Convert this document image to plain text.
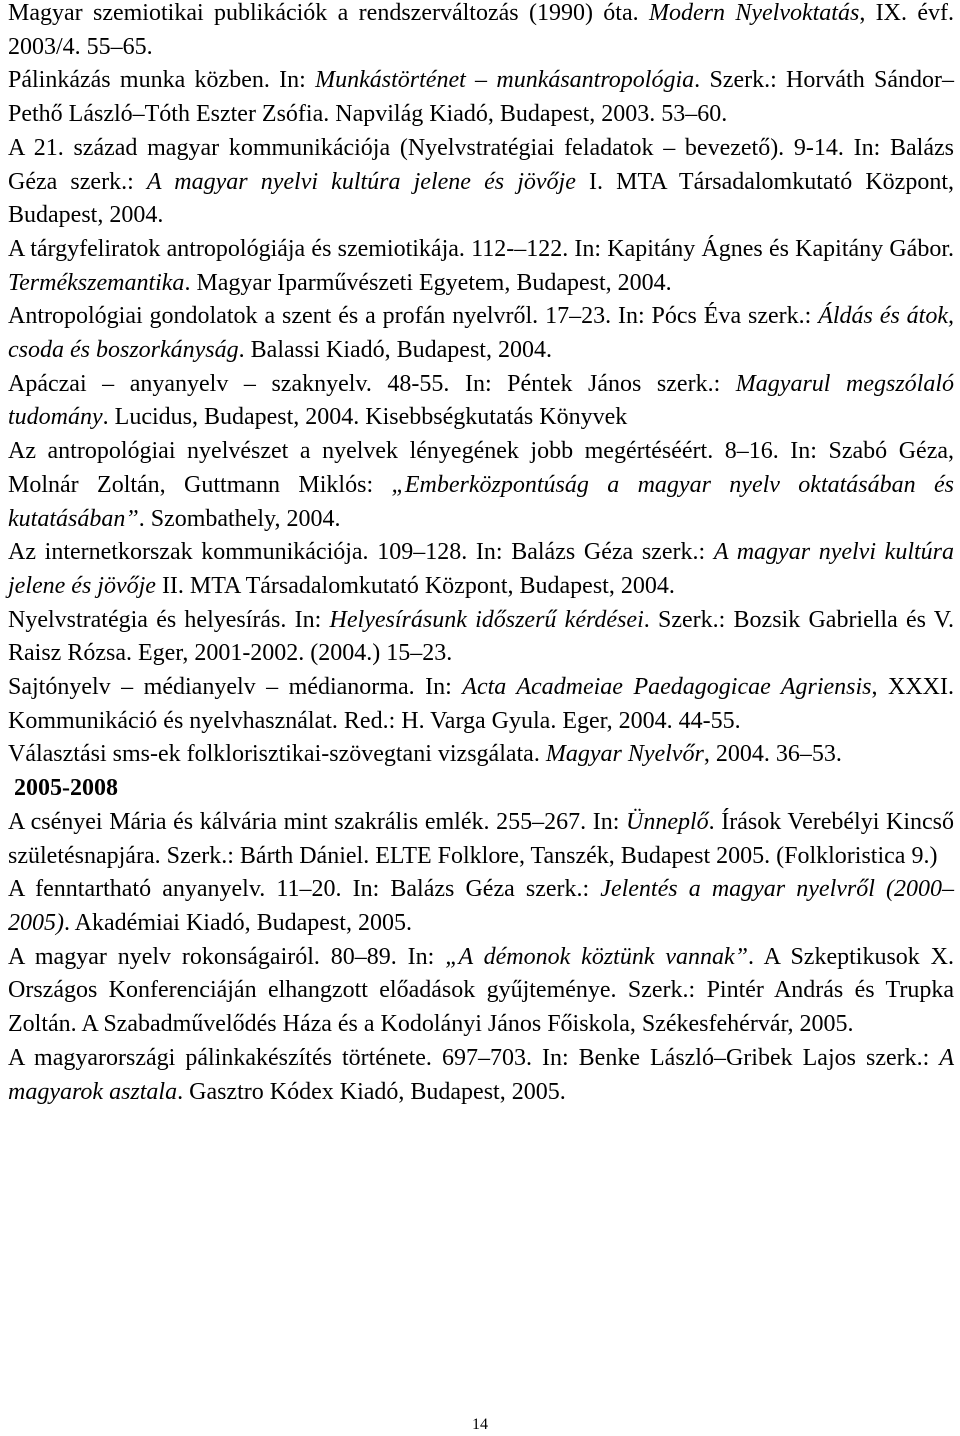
Magyar szemiotikai publikációk a rendszerváltozás (1990) óta. Modern Nyelvoktatás, IX. évf. 2003/4. 55–65.

Pálinkázás munka közben. In: Munkástörténet – munkásantropológia. Szerk.: Horváth Sándor–Pethő László–Tóth Eszter Zsófia. Napvilág Kiadó, Budapest, 2003. 53–60.

A 21. század magyar kommunikációja (Nyelvstratégiai feladatok – bevezető). 9-14. In: Balázs Géza szerk.: A magyar nyelvi kultúra jelene és jövője I. MTA Társadalomkutató Központ, Budapest, 2004.

A tárgyfeliratok antropológiája és szemiotikája. 112-–122. In: Kapitány Ágnes és Kapitány Gábor. Termékszemantika. Magyar Iparművészeti Egyetem, Budapest, 2004.

Antropológiai gondolatok a szent és a profán nyelvről. 17–23. In: Pócs Éva szerk.: Áldás és átok, csoda és boszorkányság. Balassi Kiadó, Budapest, 2004.

Apáczai – anyanyelv – szaknyelv. 48-55. In: Péntek János szerk.: Magyarul megszólaló tudomány. Lucidus, Budapest, 2004. Kisebbségkutatás Könyvek

Az antropológiai nyelvészet a nyelvek lényegének jobb megértéséért. 8–16. In: Szabó Géza, Molnár Zoltán, Guttmann Miklós: „Emberközpontúság a magyar nyelv oktatásában és kutatásában”. Szombathely, 2004.

Az internetkorszak kommunikációja. 109–128. In: Balázs Géza szerk.: A magyar nyelvi kultúra jelene és jövője II. MTA Társadalomkutató Központ, Budapest, 2004.

Nyelvstratégia és helyesírás. In: Helyesírásunk időszerű kérdései. Szerk.: Bozsik Gabriella és V. Raisz Rózsa. Eger, 2001-2002. (2004.) 15–23.

Sajtónyelv – médianyelv – médianorma. In: Acta Acadmeiae Paedagogicae Agriensis, XXXI. Kommunikáció és nyelvhasználat. Red.: H. Varga Gyula. Eger, 2004. 44-55.

Választási sms-ek folklorisztikai-szövegtani vizsgálata. Magyar Nyelvőr, 2004. 36–53.

2005-2008

A csényei Mária és kálvária mint szakrális emlék. 255–267. In: Ünneplő. Írások Verebélyi Kincső születésnapjára. Szerk.: Bárth Dániel. ELTE Folklore, Tanszék, Budapest 2005. (Folkloristica 9.)

A fenntartható anyanyelv. 11–20. In: Balázs Géza szerk.: Jelentés a magyar nyelvről (2000–2005). Akadémiai Kiadó, Budapest, 2005.

A magyar nyelv rokonságairól. 80–89. In: „A démonok köztünk vannak”. A Szkeptikusok X. Országos Konferenciáján elhangzott előadások gyűjteménye. Szerk.: Pintér András és Trupka Zoltán. A Szabadművelődés Háza és a Kodolányi János Főiskola, Székesfehérvár, 2005.

A magyarországi pálinkakészítés története. 697–703. In: Benke László–Gribek Lajos szerk.: A magyarok asztala. Gasztro Kódex Kiadó, Budapest, 2005.

14
